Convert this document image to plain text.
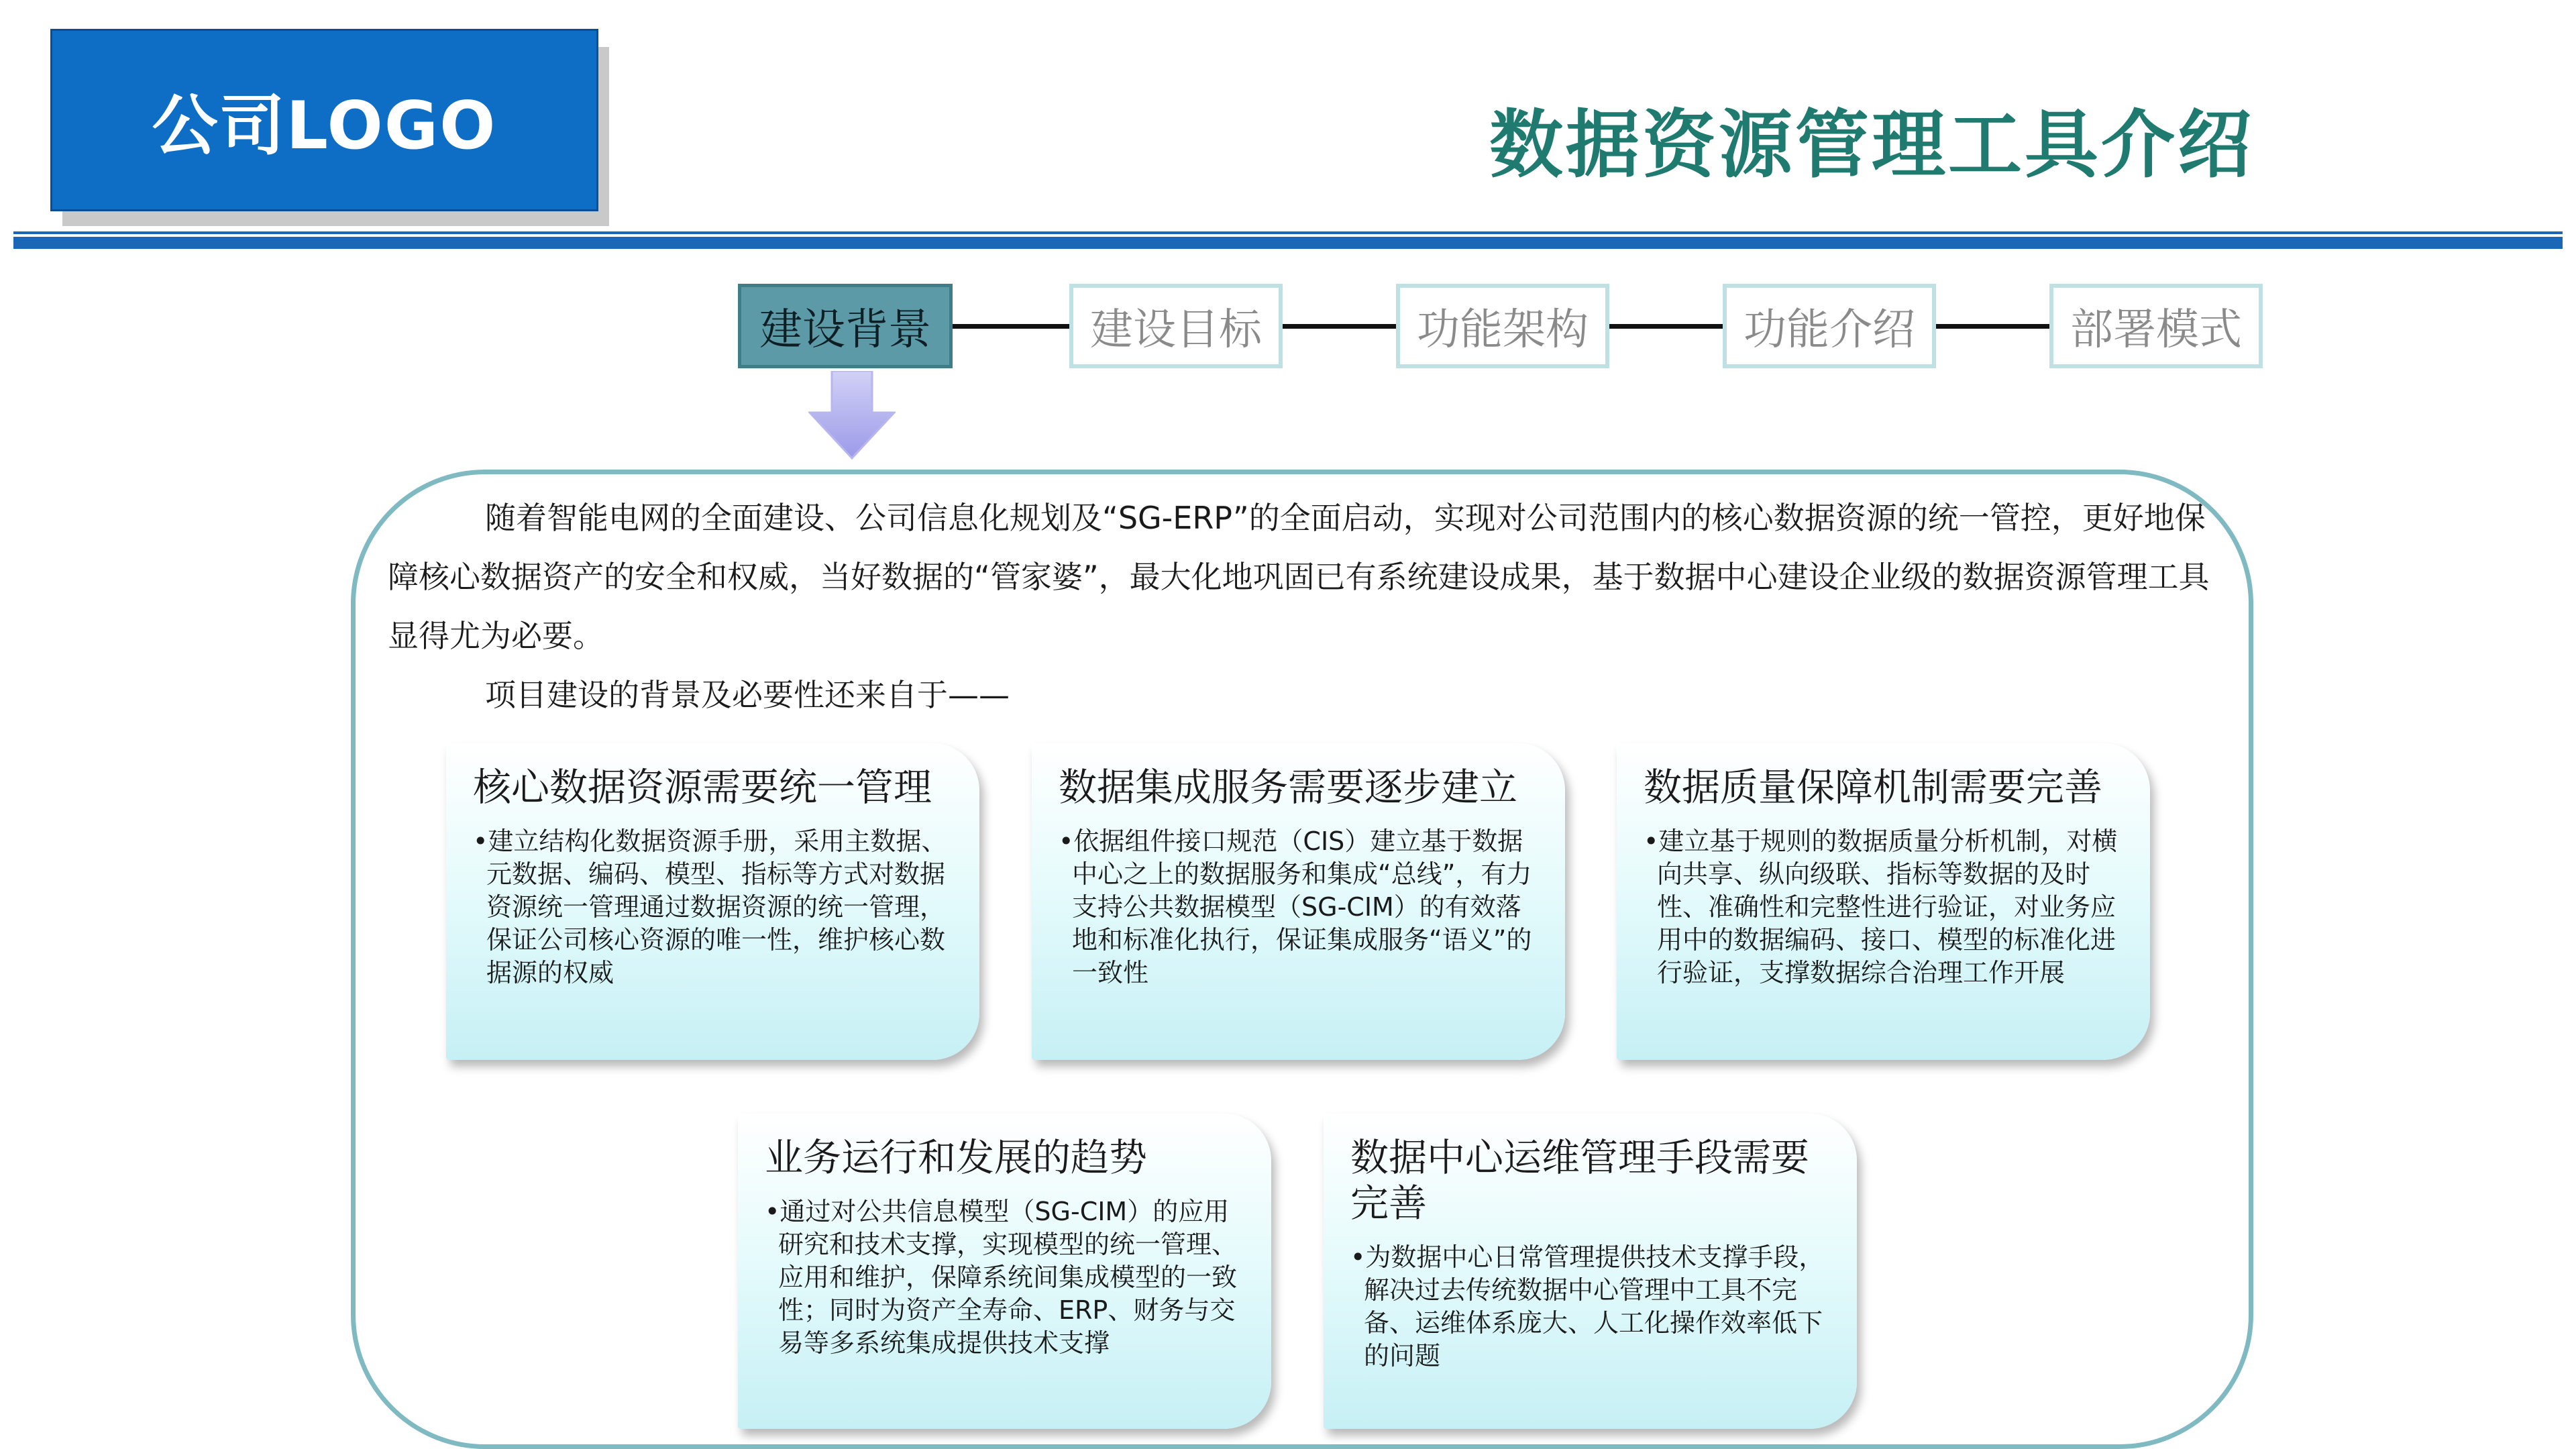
公司LOGO	数据资源管理工具介绍
建设背景	建设目标	功能架构	功能介绍	部署模式

随着智能电网的全面建设、公司信息化规划及“SG-ERP”的全面启动，实现对公司范围内的核心数据资源的统一管控，更好地保障核心数据资产的安全和权威，当好数据的“管家婆”，最大化地巩固已有系统建设成果，基于数据中心建设企业级的数据资源管理工具显得尤为必要。

项目建设的背景及必要性还来自于——

核心数据资源需要统一管理
•建立结构化数据资源手册，采用主数据、元数据、编码、模型、指标等方式对数据资源统一管理通过数据资源的统一管理，保证公司核心资源的唯一性，维护核心数据源的权威
数据集成服务需要逐步建立
•依据组件接口规范（CIS）建立基于数据中心之上的数据服务和集成“总线”，有力支持公共数据模型（SG-CIM）的有效落地和标准化执行，保证集成服务“语义”的一致性
数据质量保障机制需要完善
•建立基于规则的数据质量分析机制，对横向共享、纵向级联、指标等数据的及时性、准确性和完整性进行验证，对业务应用中的数据编码、接口、模型的标准化进行验证，支撑数据综合治理工作开展
业务运行和发展的趋势
•通过对公共信息模型（SG-CIM）的应用研究和技术支撑，实现模型的统一管理、应用和维护，保障系统间集成模型的一致性；同时为资产全寿命、ERP、财务与交易等多系统集成提供技术支撑
数据中心运维管理手段需要完善
•为数据中心日常管理提供技术支撑手段，解决过去传统数据中心管理中工具不完备、运维体系庞大、人工化操作效率低下的问题
